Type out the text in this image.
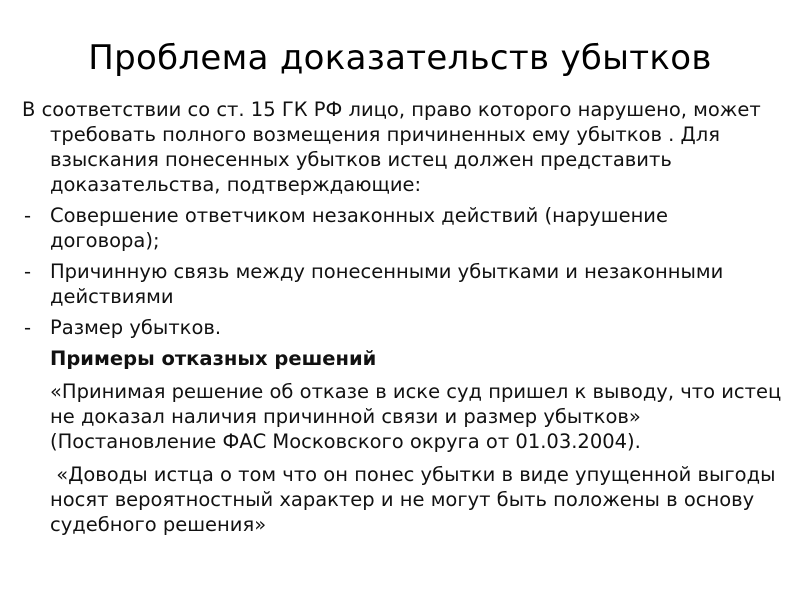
Проблема доказательств убытков

В соответствии со ст. 15 ГК РФ лицо, право которого нарушено, может требовать полного возмещения причиненных ему убытков . Для взыскания понесенных убытков истец должен представить доказательства, подтверждающие:

- Совершение ответчиком незаконных действий (нарушение договора);

- Причинную связь между понесенными убытками и незаконными действиями

- Размер убытков.

Примеры отказных решений

«Принимая решение об отказе в иске суд пришел к выводу, что истец не доказал наличия причинной связи и размер убытков» (Постановление ФАС Московского округа от 01.03.2004).

«Доводы истца о том что он понес убытки в виде упущенной выгоды носят вероятностный характер и не могут быть положены в основу судебного решения»
